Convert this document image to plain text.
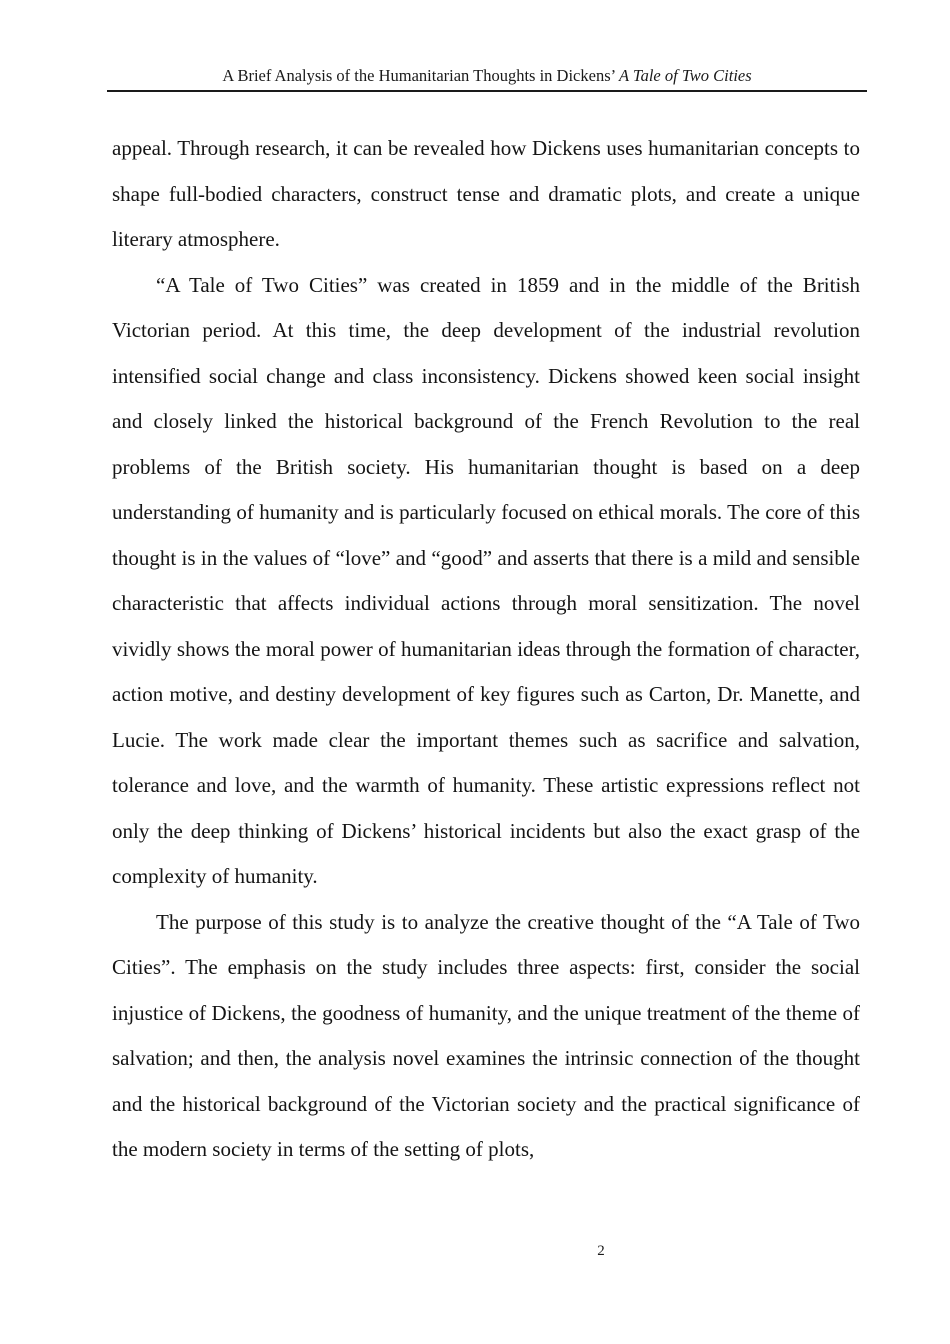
A Brief Analysis of the Humanitarian Thoughts in Dickens’ A Tale of Two Cities

appeal. Through research, it can be revealed how Dickens uses humanitarian concepts to shape full-bodied characters, construct tense and dramatic plots, and create a unique literary atmosphere.

“A Tale of Two Cities” was created in 1859 and in the middle of the British Victorian period. At this time, the deep development of the industrial revolution intensified social change and class inconsistency. Dickens showed keen social insight and closely linked the historical background of the French Revolution to the real problems of the British society. His humanitarian thought is based on a deep understanding of humanity and is particularly focused on ethical morals. The core of this thought is in the values of “love” and “good” and asserts that there is a mild and sensible characteristic that affects individual actions through moral sensitization. The novel vividly shows the moral power of humanitarian ideas through the formation of character, action motive, and destiny development of key figures such as Carton, Dr. Manette, and Lucie. The work made clear the important themes such as sacrifice and salvation, tolerance and love, and the warmth of humanity. These artistic expressions reflect not only the deep thinking of Dickens’ historical incidents but also the exact grasp of the complexity of humanity.

The purpose of this study is to analyze the creative thought of the “A Tale of Two Cities”. The emphasis on the study includes three aspects: first, consider the social injustice of Dickens, the goodness of humanity, and the unique treatment of the theme of salvation; and then, the analysis novel examines the intrinsic connection of the thought and the historical background of the Victorian society and the practical significance of the modern society in terms of the setting of plots,

2
